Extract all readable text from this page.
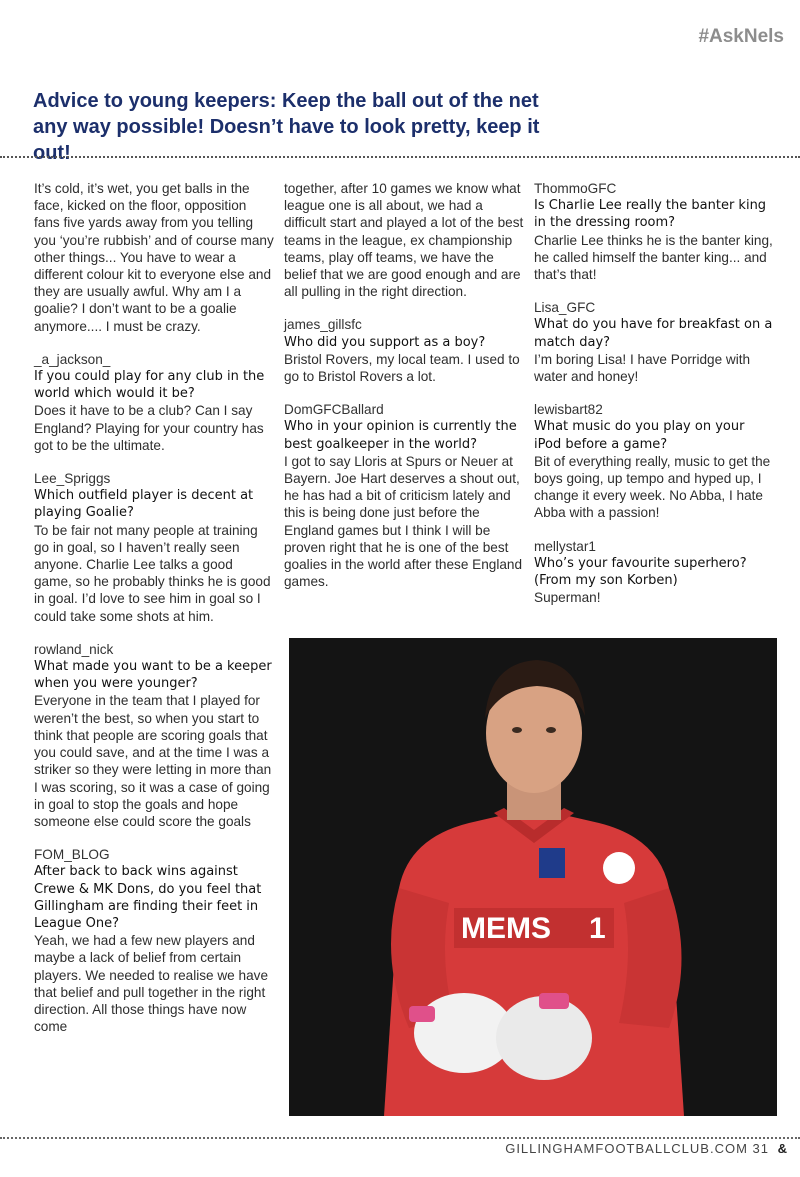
#AskNels
Advice to young keepers: Keep the ball out of the net any way possible! Doesn’t have to look pretty, keep it out!
It’s cold, it’s wet, you get balls in the face, kicked on the floor, opposition fans five yards away from you telling you ‘you’re rubbish’ and of course many other things... You have to wear a different colour kit to everyone else and they are usually awful. Why am I a goalie? I don’t want to be a goalie anymore.... I must be crazy.
_a_jackson_
If you could play for any club in the world which would it be?
Does it have to be a club? Can I say England? Playing for your country has got to be the ultimate.
Lee_Spriggs
Which outfield player is decent at playing Goalie?
To be fair not many people at training go in goal, so I haven’t really seen anyone. Charlie Lee talks a good game, so he probably thinks he is good in goal. I’d love to see him in goal so I could take some shots at him.
rowland_nick
What made you want to be a keeper when you were younger?
Everyone in the team that I played for weren’t the best, so when you start to think that people are scoring goals that you could save, and at the time I was a striker so they were letting in more than I was scoring, so it was a case of going in goal to stop the goals and hope someone else could score the goals
FOM_BLOG
After back to back wins against Crewe & MK Dons, do you feel that Gillingham are finding their feet in League One?
Yeah, we had a few new players and maybe a lack of belief from certain players. We needed to realise we have that belief and pull together in the right direction. All those things have now come
together, after 10 games we know what league one is all about, we had a difficult start and played a lot of the best teams in the league, ex championship teams, play off teams, we have the belief that we are good enough and are all pulling in the right direction.
james_gillsfc
Who did you support as a boy?
Bristol Rovers, my local team. I used to go to Bristol Rovers a lot.
DomGFCBallard
Who in your opinion is currently the best goalkeeper in the world?
I got to say Lloris at Spurs or Neuer at Bayern. Joe Hart deserves a shout out, he has had a bit of criticism lately and this is being done just before the England games but I think I will be proven right that he is one of the best goalies in the world after these England games.
ThommoGFC
Is Charlie Lee really the banter king in the dressing room?
Charlie Lee thinks he is the banter king, he called himself the banter king... and that’s that!
Lisa_GFC
What do you have for breakfast on a match day?
I’m boring Lisa! I have Porridge with water and honey!
lewisbart82
What music do you play on your iPod before a game?
Bit of everything really, music to get the boys going, up tempo and hyped up, I change it every week. No Abba, I hate Abba with a passion!
mellystar1
Who’s your favourite superhero? (From my son Korben)
Superman!
MEMS 1
GILLINGHAMFOOTBALLCLUB.COM 31 &
